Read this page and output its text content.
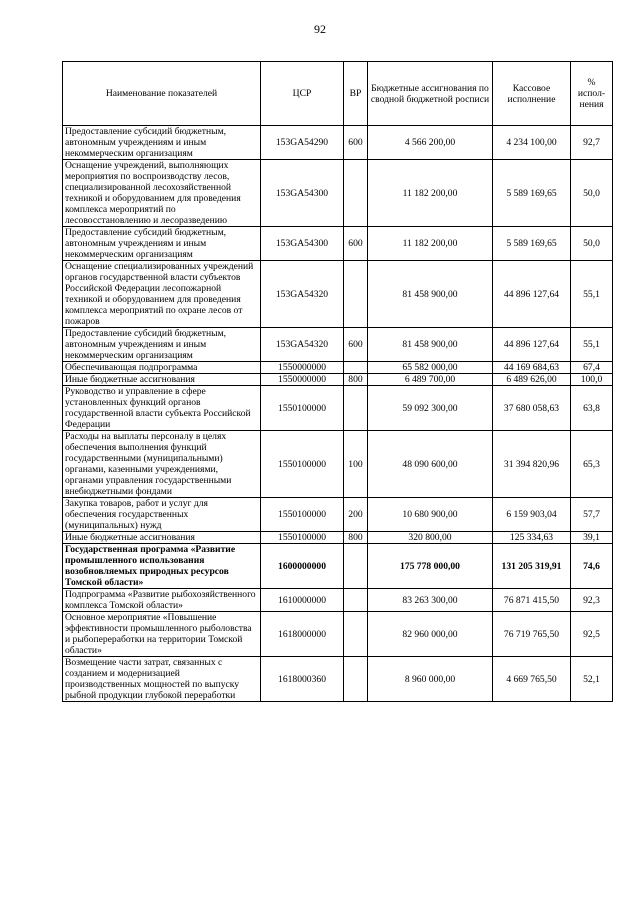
92
Наименование показателей	ЦСР	ВР	Бюджетные ассигнования по сводной бюджетной росписи	Кассовое исполнение	% испол-нения
Предоставление субсидий бюджетным, автономным учреждениям и иным некоммерческим организациям	153GA54290	600	4 566 200,00	4 234 100,00	92,7
Оснащение учреждений, выполняющих мероприятия по воспроизводству лесов, специализированной лесохозяйственной техникой и оборудованием для проведения комплекса мероприятий по лесовосстановлению и лесоразведению	153GA54300		11 182 200,00	5 589 169,65	50,0
Предоставление субсидий бюджетным, автономным учреждениям и иным некоммерческим организациям	153GA54300	600	11 182 200,00	5 589 169,65	50,0
Оснащение специализированных учреждений органов государственной власти субъектов Российской Федерации лесопожарной техникой и оборудованием для проведения комплекса мероприятий по охране лесов от пожаров	153GA54320		81 458 900,00	44 896 127,64	55,1
Предоставление субсидий бюджетным, автономным учреждениям и иным некоммерческим организациям	153GA54320	600	81 458 900,00	44 896 127,64	55,1
Обеспечивающая подпрограмма	1550000000		65 582 000,00	44 169 684,63	67,4
Иные бюджетные ассигнования	1550000000	800	6 489 700,00	6 489 626,00	100,0
Руководство и управление в сфере установленных функций органов государственной власти субъекта Российской Федерации	1550100000		59 092 300,00	37 680 058,63	63,8
Расходы на выплаты персоналу в целях обеспечения выполнения функций государственными (муниципальными) органами, казенными учреждениями, органами управления государственными внебюджетными фондами	1550100000	100	48 090 600,00	31 394 820,96	65,3
Закупка товаров, работ и услуг для обеспечения государственных (муниципальных) нужд	1550100000	200	10 680 900,00	6 159 903,04	57,7
Иные бюджетные ассигнования	1550100000	800	320 800,00	125 334,63	39,1
Государственная программа «Развитие промышленного использования возобновляемых природных ресурсов Томской области»	1600000000		175 778 000,00	131 205 319,91	74,6
Подпрограмма «Развитие рыбохозяйственного комплекса Томской области»	1610000000		83 263 300,00	76 871 415,50	92,3
Основное мероприятие «Повышение эффективности промышленного рыболовства и рыбопереработки на территории Томской области»	1618000000		82 960 000,00	76 719 765,50	92,5
Возмещение части затрат, связанных с созданием и модернизацией производственных мощностей по выпуску рыбной продукции глубокой переработки	1618000360		8 960 000,00	4 669 765,50	52,1
